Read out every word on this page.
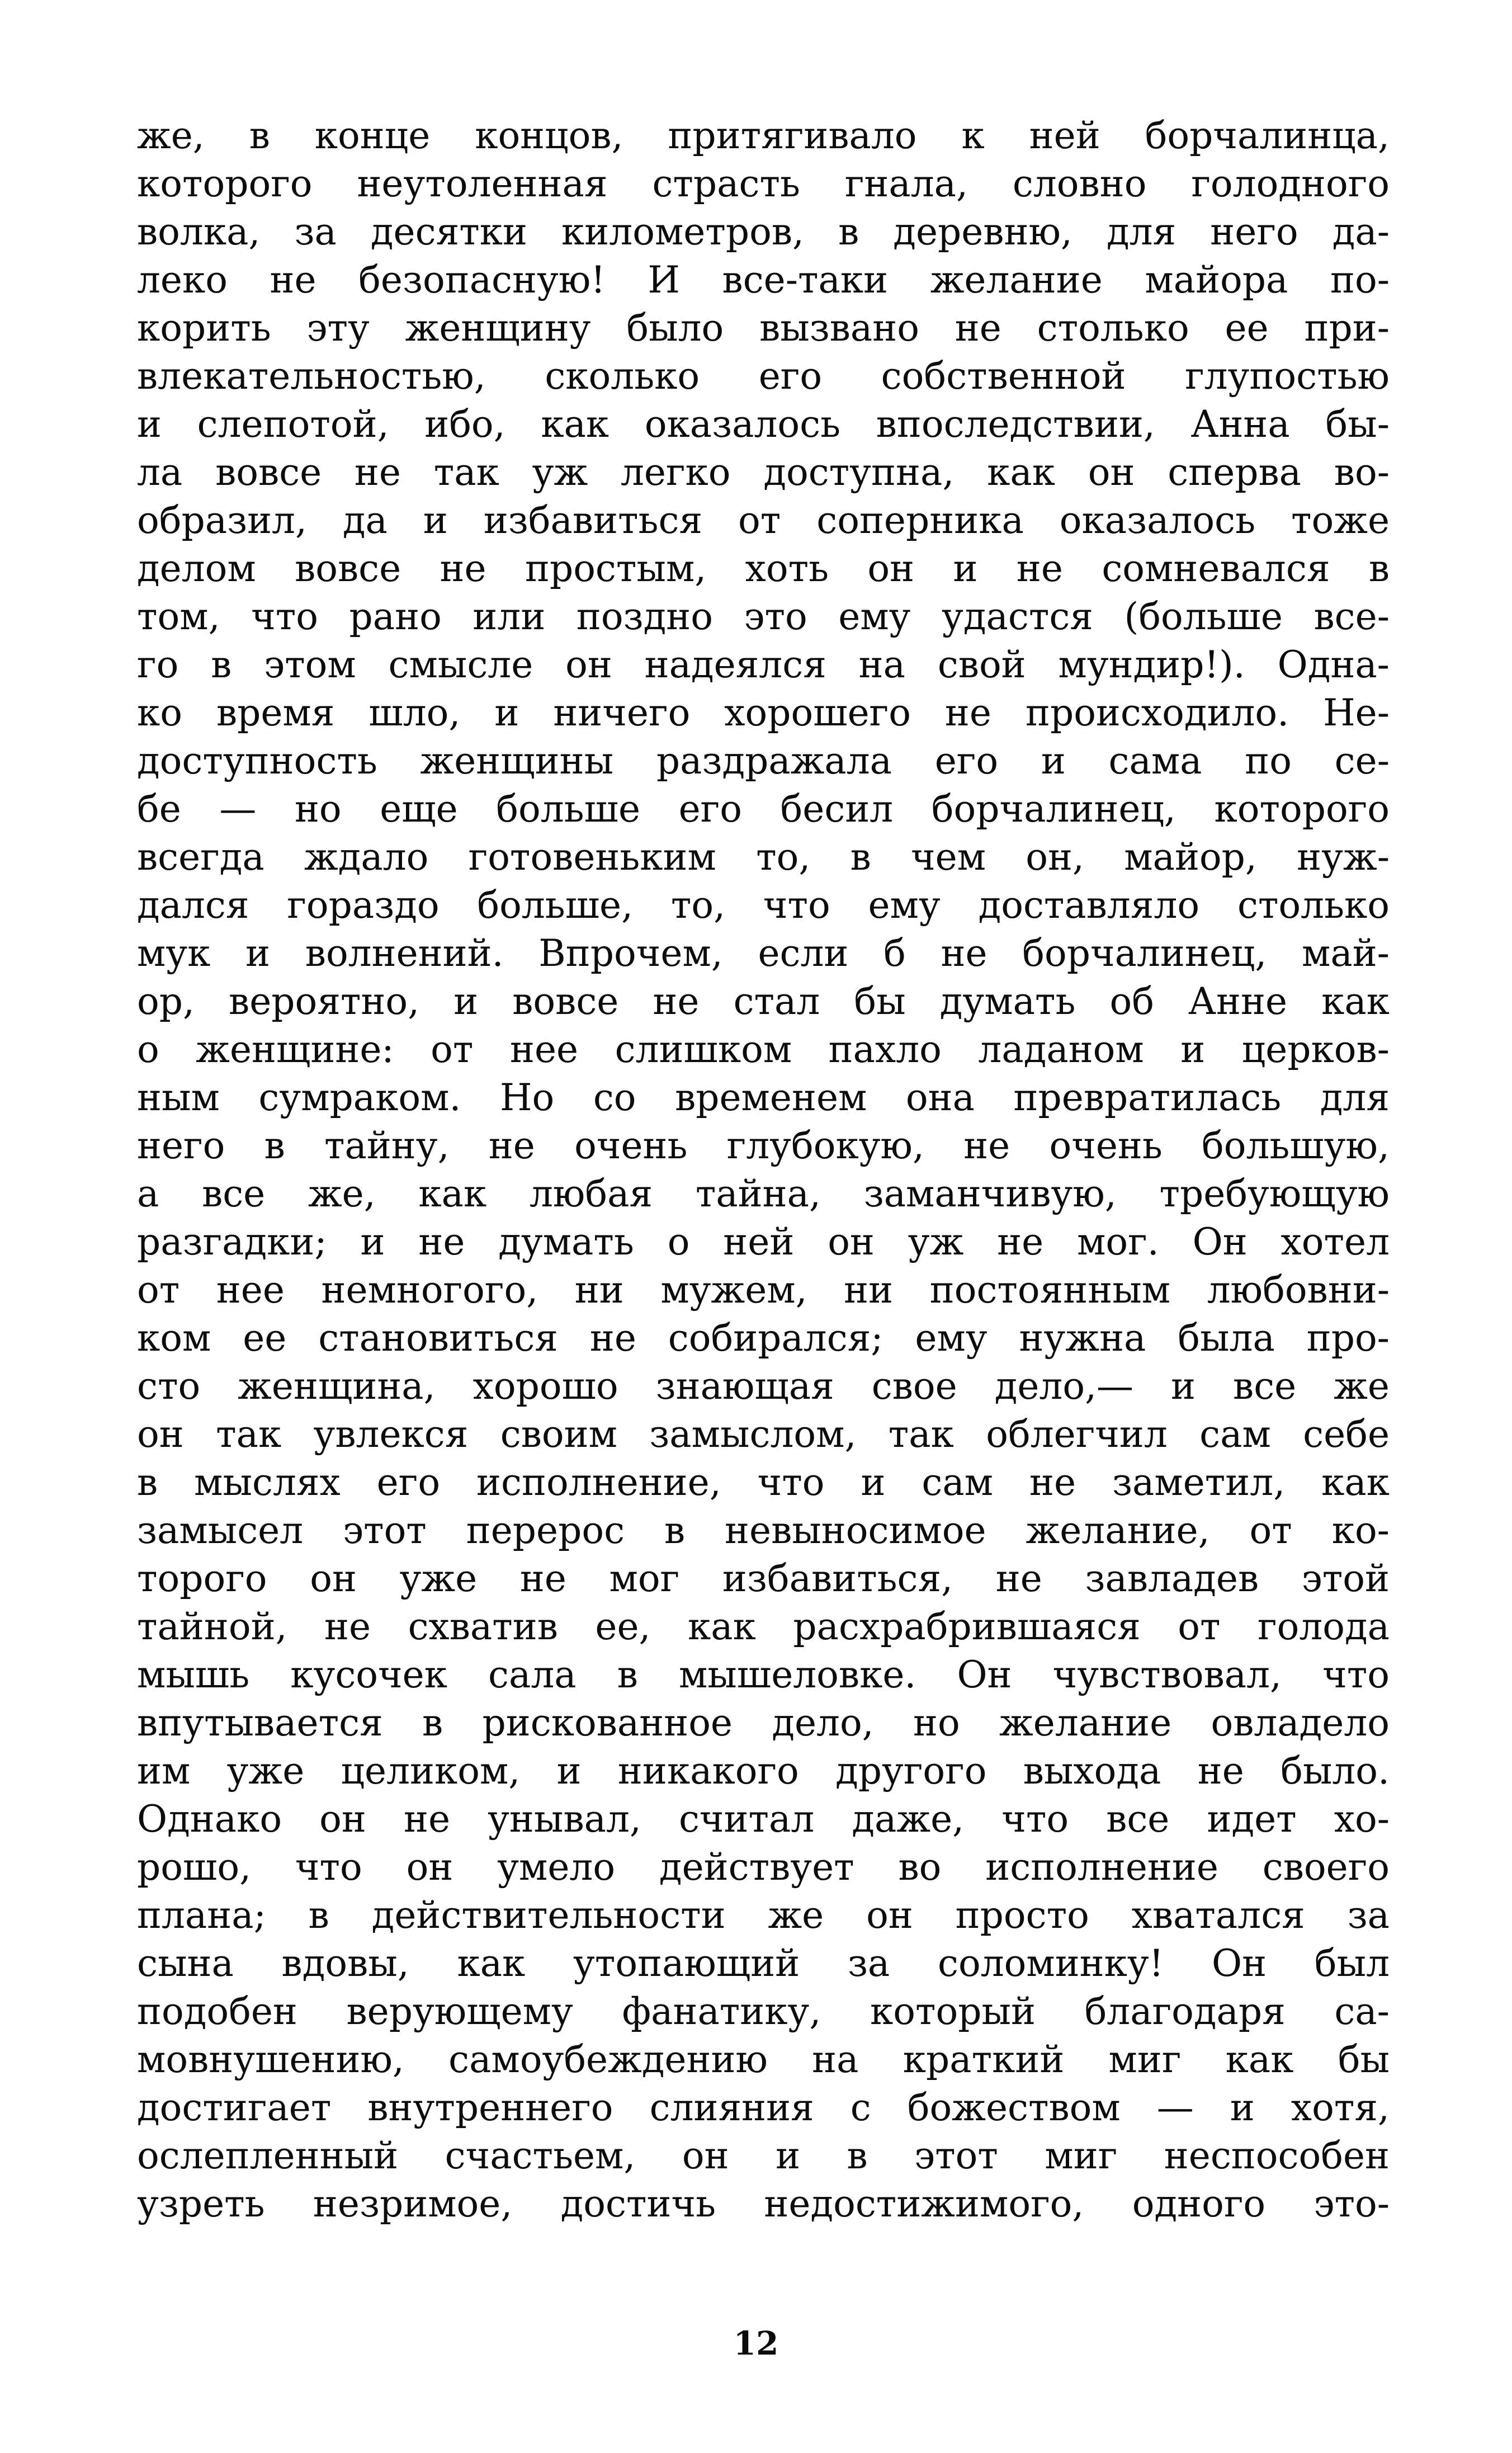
же, в конце концов, притягивало к ней борчалинца,
которого неутоленная страсть гнала, словно голодного
волка, за десятки километров, в деревню, для него да-
леко не безопасную! И все-таки желание майора по-
корить эту женщину было вызвано не столько ее при-
влекательностью, сколько его собственной глупостью
и слепотой, ибо, как оказалось впоследствии, Анна бы-
ла вовсе не так уж легко доступна, как он сперва во-
образил, да и избавиться от соперника оказалось тоже
делом вовсе не простым, хоть он и не сомневался в
том, что рано или поздно это ему удастся (больше все-
го в этом смысле он надеялся на свой мундир!). Одна-
ко время шло, и ничего хорошего не происходило. Не-
доступность женщины раздражала его и сама по се-
бе — но еще больше его бесил борчалинец, которого
всегда ждало готовеньким то, в чем он, майор, нуж-
дался гораздо больше, то, что ему доставляло столько
мук и волнений. Впрочем, если б не борчалинец, май-
ор, вероятно, и вовсе не стал бы думать об Анне как
о женщине: от нее слишком пахло ладаном и церков-
ным сумраком. Но со временем она превратилась для
него в тайну, не очень глубокую, не очень большую,
а все же, как любая тайна, заманчивую, требующую
разгадки; и не думать о ней он уж не мог. Он хотел
от нее немногого, ни мужем, ни постоянным любовни-
ком ее становиться не собирался; ему нужна была про-
сто женщина, хорошо знающая свое дело,— и все же
он так увлекся своим замыслом, так облегчил сам себе
в мыслях его исполнение, что и сам не заметил, как
замысел этот перерос в невыносимое желание, от ко-
торого он уже не мог избавиться, не завладев этой
тайной, не схватив ее, как расхрабрившаяся от голода
мышь кусочек сала в мышеловке. Он чувствовал, что
впутывается в рискованное дело, но желание овладело
им уже целиком, и никакого другого выхода не было.
Однако он не унывал, считал даже, что все идет хо-
рошо, что он умело действует во исполнение своего
плана; в действительности же он просто хватался за
сына вдовы, как утопающий за соломинку! Он был
подобен верующему фанатику, который благодаря са-
мовнушению, самоубеждению на краткий миг как бы
достигает внутреннего слияния с божеством — и хотя,
ослепленный счастьем, он и в этот миг неспособен
узреть незримое, достичь недостижимого, одного это-
12
